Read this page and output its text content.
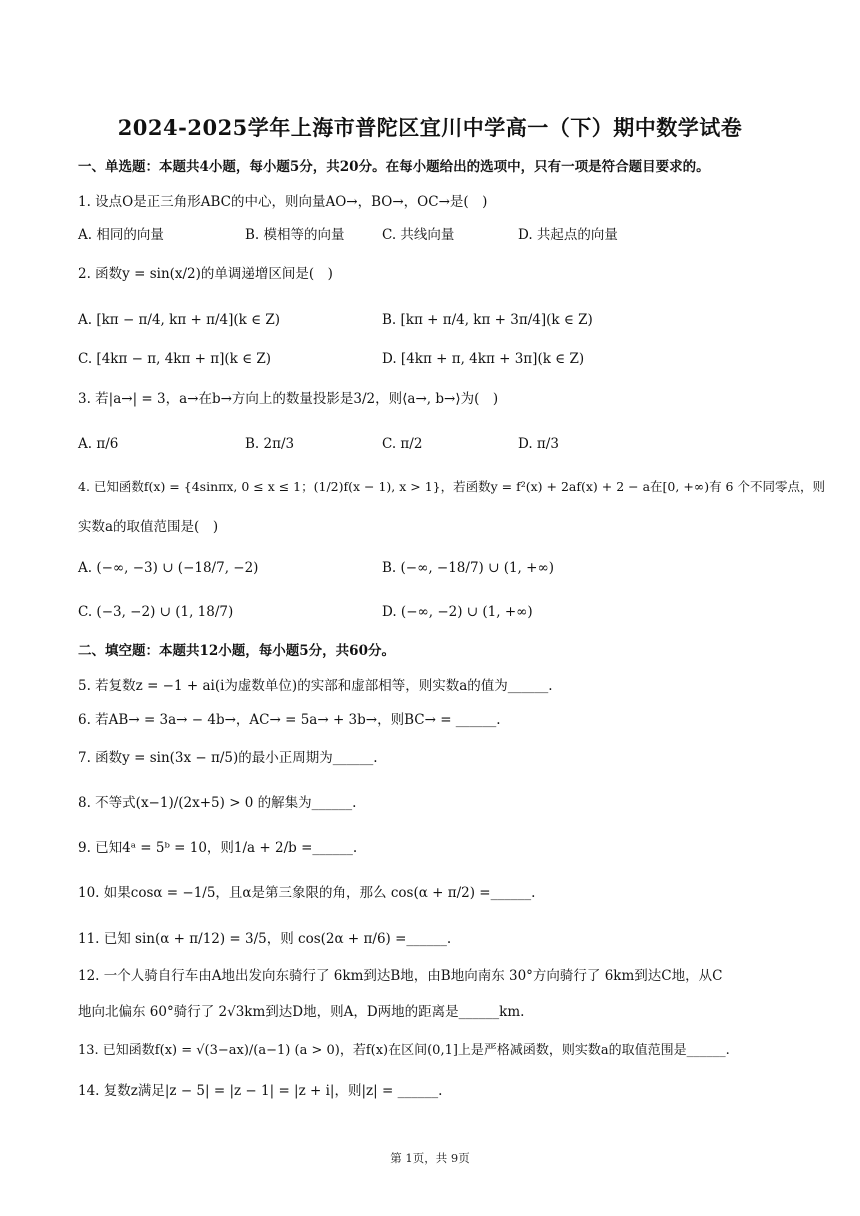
2024-2025学年上海市普陀区宜川中学高一（下）期中数学试卷
一、单选题：本题共4小题，每小题5分，共20分。在每小题给出的选项中，只有一项是符合题目要求的。
1. 设点O是正三角形ABC的中心，则向量AO→，BO→，OC→是(　)
A. 相同的向量	B. 模相等的向量	C. 共线向量	D. 共起点的向量
2. 函数y = sin(x/2)的单调递增区间是(　)
A. [kπ − π/4, kπ + π/4](k ∈ Z)	B. [kπ + π/4, kπ + 3π/4](k ∈ Z)
C. [4kπ − π, 4kπ + π](k ∈ Z)	D. [4kπ + π, 4kπ + 3π](k ∈ Z)
3. 若|a→| = 3，a→在b→方向上的数量投影是3/2，则⟨a→, b→⟩为(　)
A. π/6	B. 2π/3	C. π/2	D. π/3
4. 已知函数f(x) = {4sinπx, 0 ≤ x ≤ 1；(1/2)f(x − 1), x > 1}，若函数y = f²(x) + 2af(x) + 2 − a在[0, +∞)有 6 个不同零点，则
实数a的取值范围是(　)
A. (−∞, −3) ∪ (−18/7, −2)	B. (−∞, −18/7) ∪ (1, +∞)
C. (−3, −2) ∪ (1, 18/7)	D. (−∞, −2) ∪ (1, +∞)
二、填空题：本题共12小题，每小题5分，共60分。
5. 若复数z = −1 + ai(i为虚数单位)的实部和虚部相等，则实数a的值为______.
6. 若AB→ = 3a→ − 4b→，AC→ = 5a→ + 3b→，则BC→ = ______.
7. 函数y = sin(3x − π/5)的最小正周期为______.
8. 不等式(x−1)/(2x+5) > 0 的解集为______.
9. 已知4ᵃ = 5ᵇ = 10，则1/a + 2/b =______.
10. 如果cosα = −1/5，且α是第三象限的角，那么 cos(α + π/2) =______.
11. 已知 sin(α + π/12) = 3/5，则 cos(2α + π/6) =______.
12. 一个人骑自行车由A地出发向东骑行了 6km到达B地，由B地向南东 30°方向骑行了 6km到达C地，从C
地向北偏东 60°骑行了 2√3km到达D地，则A，D两地的距离是______km.
13. 已知函数f(x) = √(3−ax)/(a−1) (a > 0)，若f(x)在区间(0,1]上是严格减函数，则实数a的取值范围是______.
14. 复数z满足|z − 5| = |z − 1| = |z + i|，则|z| = ______.
第 1页，共 9页
